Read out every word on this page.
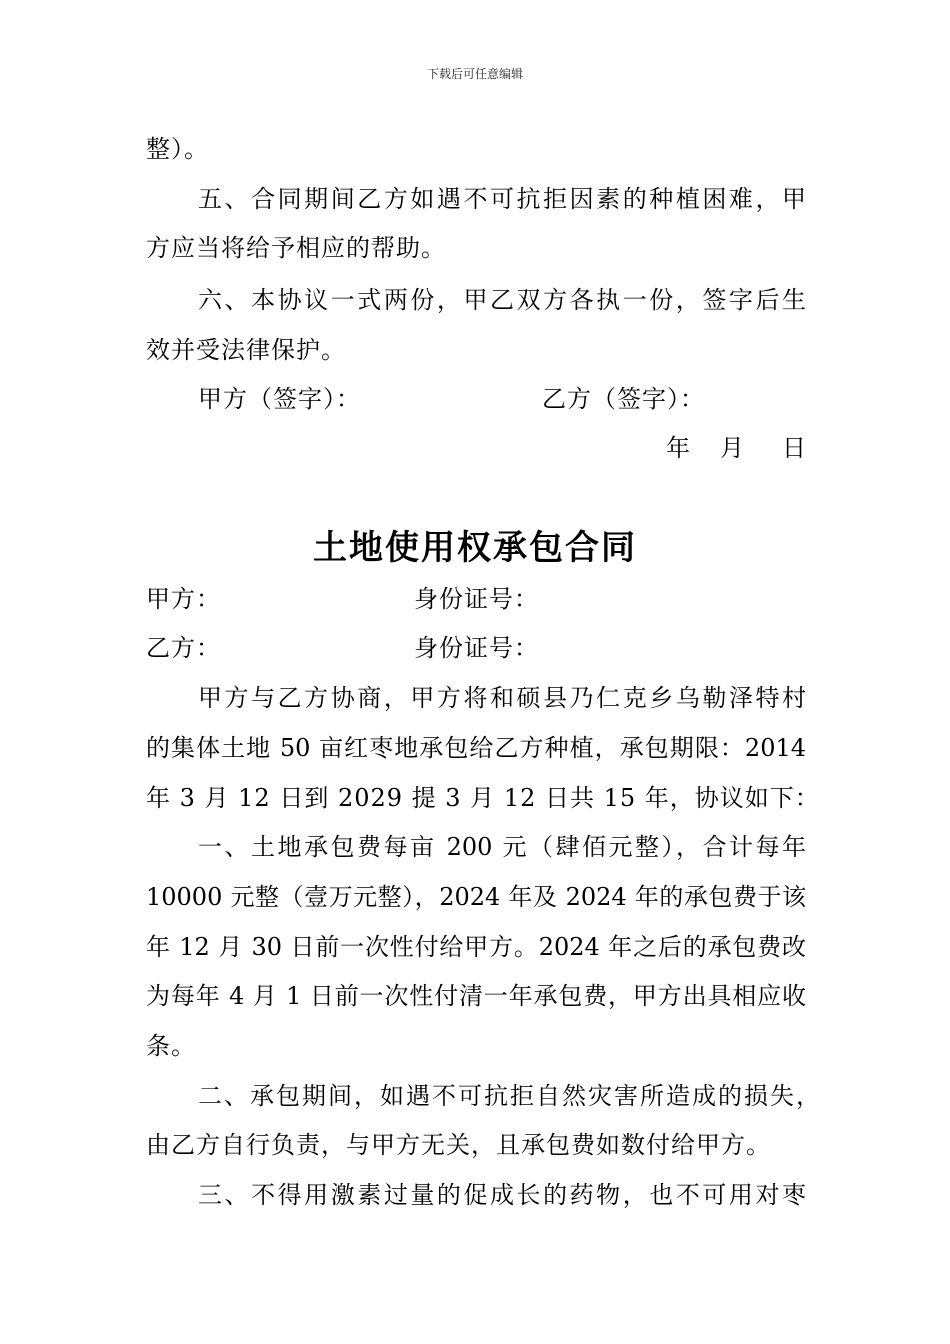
下载后可任意编辑
整）。
五、合同期间乙方如遇不可抗拒因素的种植困难，甲
方应当将给予相应的帮助。
六、本协议一式两份，甲乙双方各执一份，签字后生
效并受法律保护。
甲方（签字）：	乙方（签字）：
年 月 日
土地使用权承包合同
甲方：	身份证号：
乙方：	身份证号：
甲方与乙方协商，甲方将和硕县乃仁克乡乌勒泽特村
的集体土地 50 亩红枣地承包给乙方种植，承包期限：2014
年 3 月 12 日到 2029 提 3 月 12 日共 15 年，协议如下：
一、土地承包费每亩 200 元（肆佰元整），合计每年
10000 元整（壹万元整），2024 年及 2024 年的承包费于该
年 12 月 30 日前一次性付给甲方。2024 年之后的承包费改
为每年 4 月 1 日前一次性付清一年承包费，甲方出具相应收
条。
二、承包期间，如遇不可抗拒自然灾害所造成的损失，
由乙方自行负责，与甲方无关，且承包费如数付给甲方。
三、不得用激素过量的促成长的药物，也不可用对枣
